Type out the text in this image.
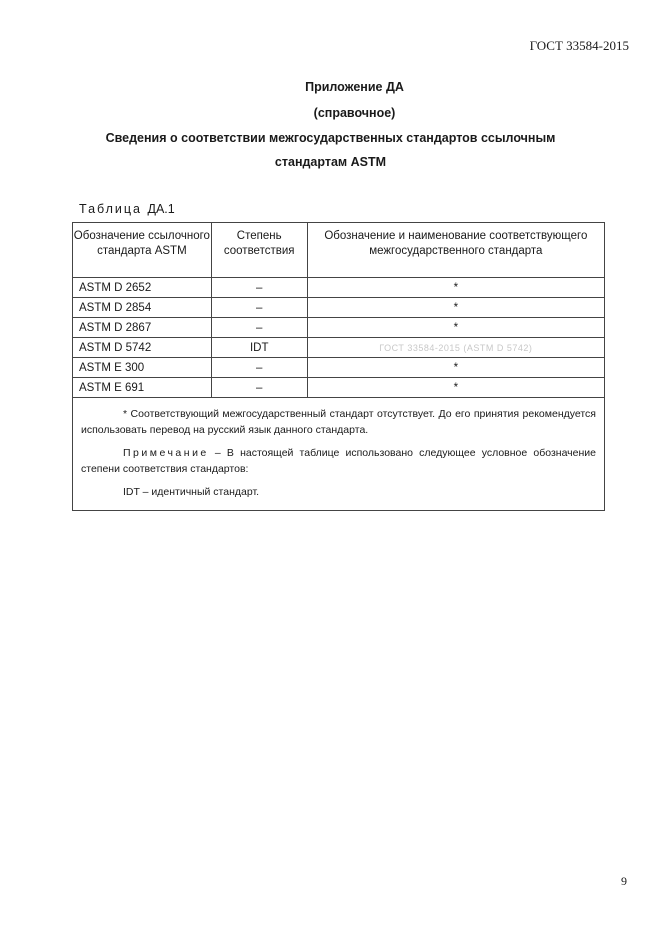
ГОСТ 33584-2015
Приложение ДА
(справочное)
Сведения о соответствии межгосударственных стандартов ссылочным
стандартам ASTM
Таблица ДА.1
Обозначение ссылочного стандарта ASTM	Степень соответствия	Обозначение и наименование соответствующего межгосударственного стандарта
ASTM D 2652	–	*
ASTM D 2854	–	*
ASTM D 2867	–	*
ASTM D 5742	IDT	ГОСТ 33584-2015 (ASTM D 5742)
ASTM E 300	–	*
ASTM E 691	–	*

* Соответствующий межгосударственный стандарт отсутствует. До его принятия рекомендуется использовать перевод на русский язык данного стандарта.

Примечание – В настоящей таблице использовано следующее условное обозначение степени соответствия стандартов:

IDT – идентичный стандарт.		

9
